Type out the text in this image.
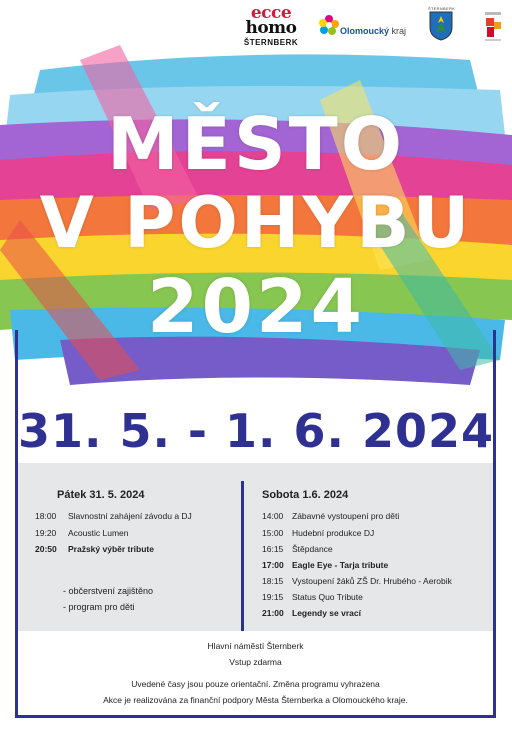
ecce
homo
ŠTERNBERK
Olomoucký kraj
ŠTERNBERK
MĚSTO
V POHYBU
2024
31. 5. - 1. 6. 2024
Pátek 31. 5. 2024
18:00 Slavnostní zahájení závodu a DJ
19:20 Acoustic Lumen
20:50 Pražský výběr tribute
- občerstvení zajištěno
- program pro děti
Sobota 1.6. 2024
14:00 Zábavné vystoupení pro děti
15:00 Hudební produkce DJ
16:15 Štěpdance
17:00 Eagle Eye - Tarja tribute
18:15 Vystoupení žáků ZŠ Dr. Hrubého - Aerobik
19:15 Status Quo Tribute
21:00 Legendy se vrací
Hlavní náměstí Šternberk
Vstup zdarma
Uvedené časy jsou pouze orientační. Změna programu vyhrazena
Akce je realizována za finanční podpory Města Šternberka a Olomouckého kraje.
